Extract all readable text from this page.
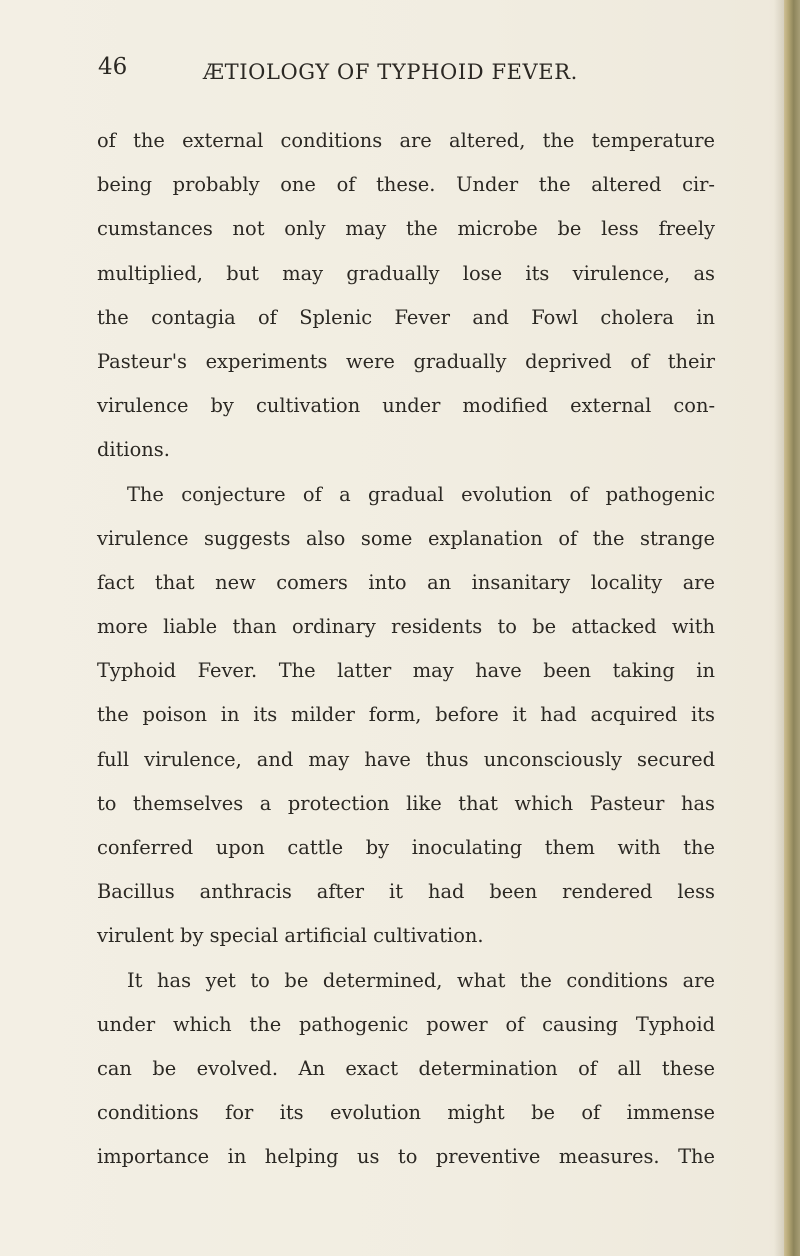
46	ÆTIOLOGY OF TYPHOID FEVER.
of the external conditions are altered, the temperature
being probably one of these. Under the altered cir-
cumstances not only may the microbe be less freely
multiplied, but may gradually lose its virulence, as
the contagia of Splenic Fever and Fowl cholera in
Pasteur's experiments were gradually deprived of their
virulence by cultivation under modified external con-
ditions.
The conjecture of a gradual evolution of pathogenic
virulence suggests also some explanation of the strange
fact that new comers into an insanitary locality are
more liable than ordinary residents to be attacked with
Typhoid Fever. The latter may have been taking in
the poison in its milder form, before it had acquired its
full virulence, and may have thus unconsciously secured
to themselves a protection like that which Pasteur has
conferred upon cattle by inoculating them with the
Bacillus anthracis after it had been rendered less
virulent by special artificial cultivation.
It has yet to be determined, what the conditions are
under which the pathogenic power of causing Typhoid
can be evolved. An exact determination of all these
conditions for its evolution might be of immense
importance in helping us to preventive measures. The
